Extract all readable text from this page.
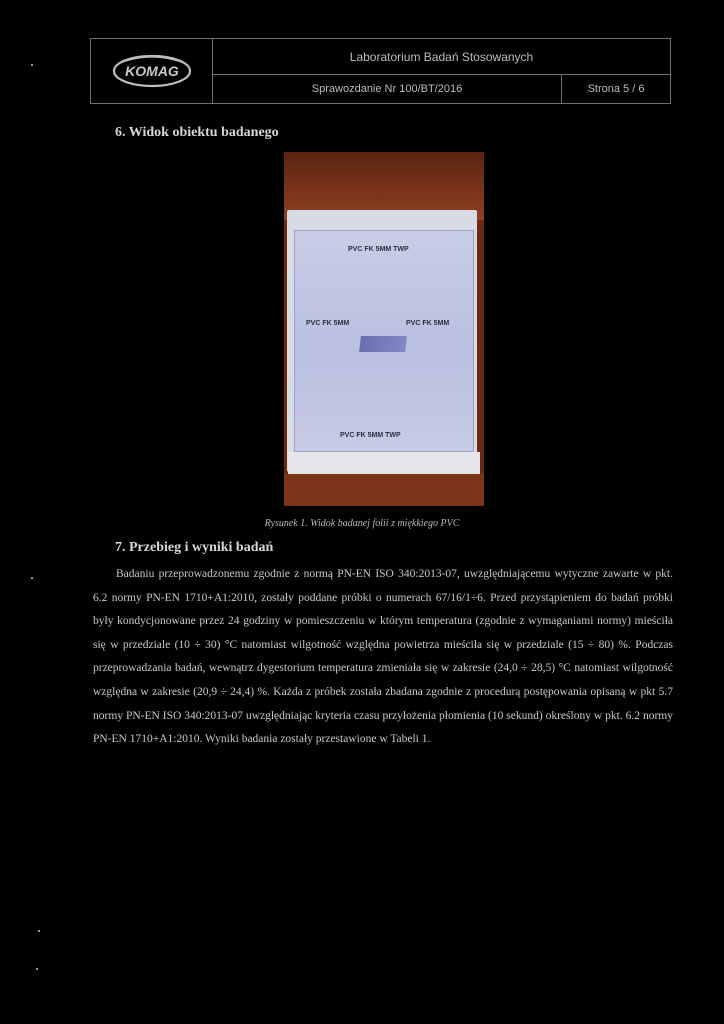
KOMAG
Laboratorium Badań Stosowanych
Sprawozdanie Nr 100/BT/2016	Strona 5 / 6
6. Widok obiektu badanego
PVC FK 5MM TWP
PVC FK 5MM	PVC FK 5MM
PVC FK 5MM TWP
Rysunek 1. Widok badanej folii z miękkiego PVC
7. Przebieg i wyniki badań

Badaniu przeprowadzonemu zgodnie z normą PN-EN ISO 340:2013-07, uwzględniającemu wytyczne zawarte w pkt. 6.2 normy PN-EN 1710+A1:2010, zostały poddane próbki o numerach 67/16/1÷6. Przed przystąpieniem do badań próbki były kondycjonowane przez 24 godziny w pomieszczeniu w którym temperatura (zgodnie z wymaganiami normy) mieściła się w przedziale (10 ÷ 30) °C natomiast wilgotność względna powietrza mieściła się w przedziale (15 ÷ 80) %. Podczas przeprowadzania badań, wewnątrz dygestorium temperatura zmieniała się w zakresie (24,0 ÷ 28,5) °C natomiast wilgotność względna w zakresie (20,9 ÷ 24,4) %. Każda z próbek została zbadana zgodnie z procedurą postępowania opisaną w pkt 5.7 normy PN-EN ISO 340:2013-07 uwzględniając kryteria czasu przyłożenia płomienia (10 sekund) określony w pkt. 6.2 normy PN-EN 1710+A1:2010. Wyniki badania zostały przestawione w Tabeli 1.
